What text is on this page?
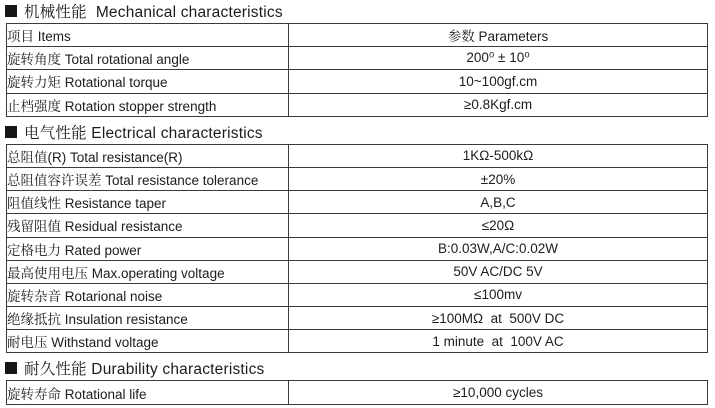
机械性能  Mechanical characteristics
项目 Items	参数 Parameters
旋转角度 Total rotational angle	200⁰ ± 10⁰
旋转力矩 Rotational torque	10~100gf.cm
止档强度 Rotation stopper strength	≥0.8Kgf.cm
电气性能 Electrical characteristics
总阻值(R) Total resistance(R)	1KΩ-500kΩ
总阻值容许误差 Total resistance tolerance	±20%
阻值线性 Resistance taper	A,B,C
残留阻值 Residual resistance	≤20Ω
定格电力 Rated power	B:0.03W,A/C:0.02W
最高使用电压 Max.operating voltage	50V AC/DC 5V
旋转杂音 Rotarional noise	≤100mv
绝缘抵抗 Insulation resistance	≥100MΩ  at  500V DC
耐电压 Withstand voltage	1 minute  at  100V AC
耐久性能 Durability characteristics
旋转寿命 Rotational life	≥10,000 cycles
